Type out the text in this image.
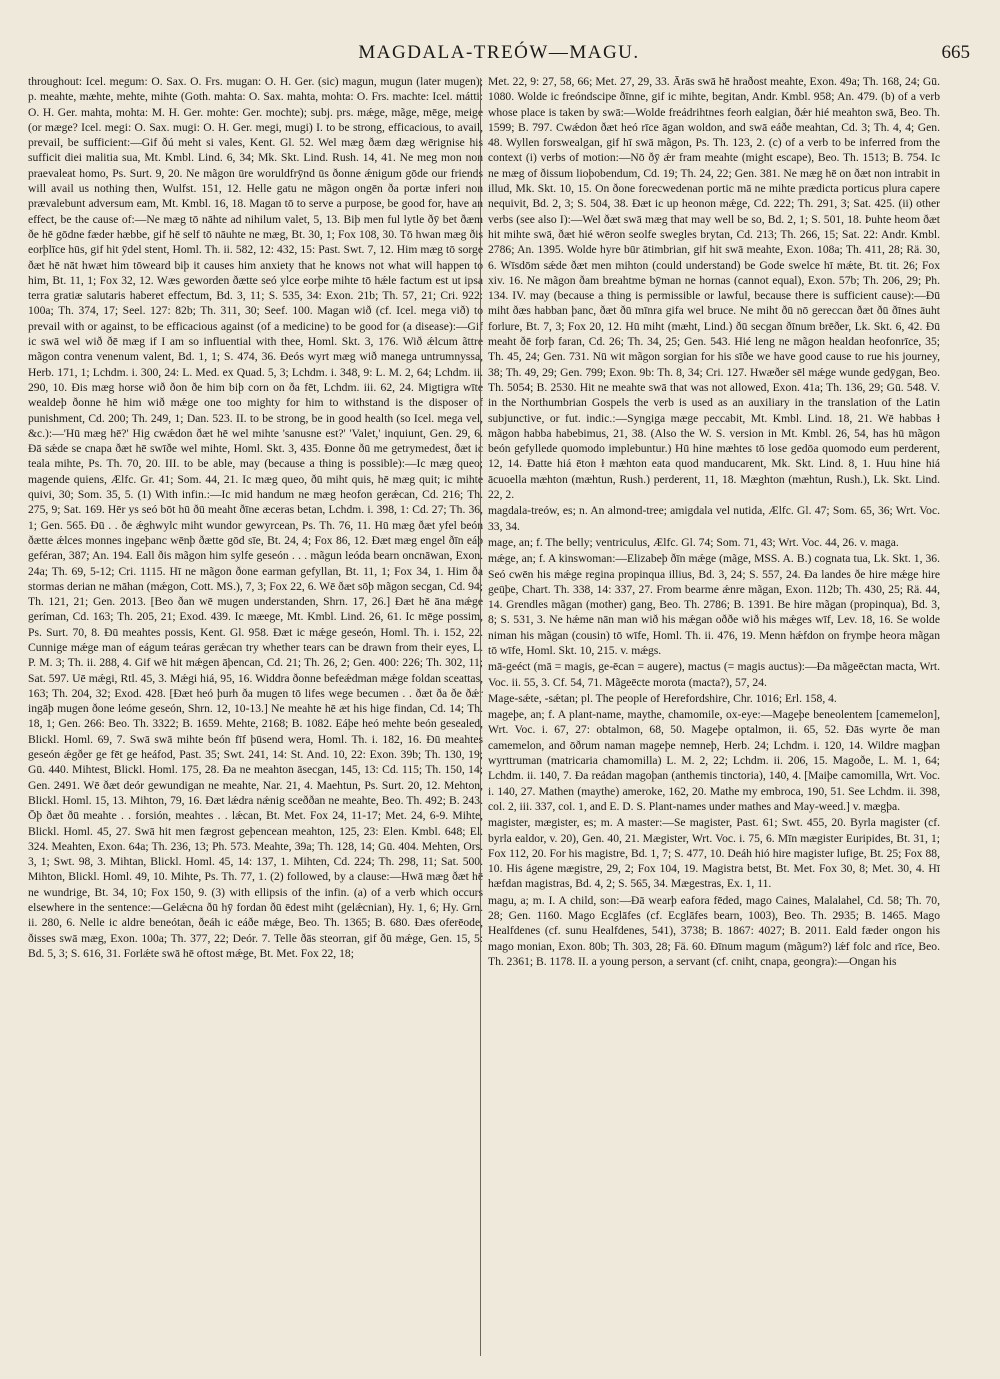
MAGDALA-TREÓW—MAGU.	665

throughout: Icel. megum: O. Sax. O. Frs. mugan: O. H. Ger. (sic) magun, mugun (later mugen); p. meahte, mæhte, mehte, mihte (Goth. mahta: O. Sax. mahta, mohta: O. Frs. machte: Icel. mátti: O. H. Ger. mahta, mohta: M. H. Ger. mohte: Ger. mochte); subj. prs. mǽge, mãge, mēge, meige (or mæge? Icel. megi: O. Sax. mugi: O. H. Ger. megi, mugi) I. to be strong, efficacious, to avail, prevail, be sufficient:—Gif ðú meht si vales, Kent. Gl. 52. Wel mæg ðæm dæg wērignise his sufficit diei malitia sua, Mt. Kmbl. Lind. 6, 34; Mk. Skt. Lind. Rush. 14, 41. Ne meg mon non praevaleat homo, Ps. Surt. 9, 20. Ne mãgon ūre woruldfrȳnd ūs ðonne ǽnigum gōde our friends will avail us nothing then, Wulfst. 151, 12. Helle gatu ne mãgon ongēn ða portæ inferi non prævalebunt adversum eam, Mt. Kmbl. 16, 18. Magan tō to serve a purpose, be good for, have an effect, be the cause of:—Ne mæg tō nāhte ad nihilum valet, 5, 13. Biþ men ful lytle ðȳ bet ðæm ðe hē gōdne fæder hæbbe, gif hē self tō nāuhte ne mæg, Bt. 30, 1; Fox 108, 30. Tō hwan mæg ðis eorþlīce hūs, gif hit ȳdel stent, Homl. Th. ii. 582, 12: 432, 15: Past. Swt. 7, 12. Him mæg tō sorge ðæt hē nāt hwæt him tōweard biþ it causes him anxiety that he knows not what will happen to him, Bt. 11, 1; Fox 32, 12. Wæs geworden ðætte seó ylce eorþe mihte tō hǽle factum est ut ipsa terra gratiæ salutaris haberet effectum, Bd. 3, 11; S. 535, 34: Exon. 21b; Th. 57, 21; Cri. 922: 100a; Th. 374, 17; Seel. 127: 82b; Th. 311, 30; Seef. 100. Magan wið (cf. Icel. mega við) to prevail with or against, to be efficacious against (of a medicine) to be good for (a disease):—Gif ic swā wel wið ðē mæg if I am so influential with thee, Homl. Skt. 3, 176. Wið ǽlcum ãttre mãgon contra venenum valent, Bd. 1, 1; S. 474, 36. Ðeós wyrt mæg wið manega untrumnyssa, Herb. 171, 1; Lchdm. i. 300, 24: L. Med. ex Quad. 5, 3; Lchdm. i. 348, 9: L. M. 2, 64; Lchdm. ii. 290, 10. Ðis mæg horse wið ðon ðe him biþ corn on ða fēt, Lchdm. iii. 62, 24. Migtigra wīte wealdeþ ðonne hē him wið mǽge one too mighty for him to withstand is the disposer of punishment, Cd. 200; Th. 249, 1; Dan. 523. II. to be strong, be in good health (so Icel. mega vel, &c.):—'Hū mæg hē?' Hig cwǽdon ðæt hē wel mihte 'sanusne est?' 'Valet,' inquiunt, Gen. 29, 6. Ðā sǽde se cnapa ðæt hē swīðe wel mihte, Homl. Skt. 3, 435. Ðonne ðū me getrymedest, ðæt ic teala mihte, Ps. Th. 70, 20. III. to be able, may (because a thing is possible):—Ic mæg queo; magende quiens, Ælfc. Gr. 41; Som. 44, 21. Ic mæg queo, ðū miht quis, hē mæg quit; ic mihte quivi, 30; Som. 35, 5. (1) With infin.:—Ic mid handum ne mæg heofon gerǽcan, Cd. 216; Th. 275, 9; Sat. 169. Hēr ys seó bōt hū ðū meaht ðīne æceras betan, Lchdm. i. 398, 1: Cd. 27; Th. 36, 1; Gen. 565. Ðū . . ðe ǽghwylc miht wundor gewyrcean, Ps. Th. 76, 11. Hū mæg ðæt yfel beón ðætte ǽlces monnes ingeþanc wēnþ ðætte gōd sīe, Bt. 24, 4; Fox 86, 12. Ðæt mæg engel ðīn eáþ geféran, 387; An. 194. Eall ðis mãgon him sylfe geseón . . . mãgun leóda bearn oncnāwan, Exon. 24a; Th. 69, 5-12; Cri. 1115. Hī ne mãgon ðone earman gefyllan, Bt. 11, 1; Fox 34, 1. Him ða stormas derian ne māhan (mǽgon, Cott. MS.), 7, 3; Fox 22, 6. Wē ðæt sōþ mãgon secgan, Cd. 94; Th. 121, 21; Gen. 2013. [Beo ðan wē mugen understanden, Shrn. 17, 26.] Ðæt hē āna mǽge geríman, Cd. 163; Th. 205, 21; Exod. 439. Ic mæege, Mt. Kmbl. Lind. 26, 61. Ic mēge possim, Ps. Surt. 70, 8. Ðū meahtes possis, Kent. Gl. 958. Ðæt ic mǽge geseón, Homl. Th. i. 152, 22. Cunnige mǽge man of eágum teáras gerǽcan try whether tears can be drawn from their eyes, L. P. M. 3; Th. ii. 288, 4. Gif wē hit mǽgen āþencan, Cd. 21; Th. 26, 2; Gen. 400: 226; Th. 302, 11; Sat. 597. Uē mǽgi, Rtl. 45, 3. Mǽgi hiá, 95, 16. Widdra ðonne befeǽdman mǽge foldan sceattas, 163; Th. 204, 32; Exod. 428. [Ðæt heó þurh ða mugen tō lifes wege becumen . . ðæt ða ðe ðǽr ingāþ mugen ðone leóme geseón, Shrn. 12, 10-13.] Ne meahte hē æt his hige findan, Cd. 14; Th. 18, 1; Gen. 266: Beo. Th. 3322; B. 1659. Mehte, 2168; B. 1082. Eáþe heó mehte beón gesealed, Blickl. Homl. 69, 7. Swā swā mihte beón fīf þūsend wera, Homl. Th. i. 182, 16. Ðū meahtes geseón ǽgðer ge fēt ge heáfod, Past. 35; Swt. 241, 14: St. And. 10, 22: Exon. 39b; Th. 130, 19; Gū. 440. Mihtest, Blickl. Homl. 175, 28. Ða ne meahton āsecgan, 145, 13: Cd. 115; Th. 150, 14; Gen. 2491. Wē ðæt deór gewundigan ne meahte, Nar. 21, 4. Maehtun, Ps. Surt. 20, 12. Mehton, Blickl. Homl. 15, 13. Mihton, 79, 16. Ðæt lǽdra nǽnig sceððan ne meahte, Beo. Th. 492; B. 243. Ōþ ðæt ðū meahte . . forsión, meahtes . . lǽcan, Bt. Met. Fox 24, 11-17; Met. 24, 6-9. Mihte, Blickl. Homl. 45, 27. Swā hit men fægrost geþencean meahton, 125, 23: Elen. Kmbl. 648; El. 324. Meahten, Exon. 64a; Th. 236, 13; Ph. 573. Meahte, 39a; Th. 128, 14; Gū. 404. Mehten, Ors. 3, 1; Swt. 98, 3. Mihtan, Blickl. Homl. 45, 14: 137, 1. Mihten, Cd. 224; Th. 298, 11; Sat. 500. Mihton, Blickl. Homl. 49, 10. Mihte, Ps. Th. 77, 1. (2) followed, by a clause:—Hwā mæg ðæt hē ne wundrige, Bt. 34, 10; Fox 150, 9. (3) with ellipsis of the infin. (a) of a verb which occurs elsewhere in the sentence:—Gelǽcna ðū hȳ fordan ðū ēdest miht (gelǽcnian), Hy. 1, 6; Hy. Grn. ii. 280, 6. Nelle ic aldre beneótan, ðeáh ic eáðe mǽge, Beo. Th. 1365; B. 680. Ðæs oferēode, ðisses swā mæg, Exon. 100a; Th. 377, 22; Deór. 7. Telle ðās steorran, gif ðū mǽge, Gen. 15, 5: Bd. 5, 3; S. 616, 31. Forlǽte swā hē oftost mǽge, Bt. Met. Fox 22, 18;

Met. 22, 9: 27, 58, 66; Met. 27, 29, 33. Ārās swā hē hraðost meahte, Exon. 49a; Th. 168, 24; Gū. 1080. Wolde ic freóndscipe ðīnne, gif ic mihte, begitan, Andr. Kmbl. 958; An. 479. (b) of a verb whose place is taken by swā:—Wolde freádrihtnes feorh ealgian, ðǽr hié meahton swā, Beo. Th. 1599; B. 797. Cwǽdon ðæt heó rīce āgan woldon, and swā eáðe meahtan, Cd. 3; Th. 4, 4; Gen. 48. Wyllen forswealgan, gif hī swā mãgon, Ps. Th. 123, 2. (c) of a verb to be inferred from the context (i) verbs of motion:—Nō ðȳ ǽr fram meahte (might escape), Beo. Th. 1513; B. 754. Ic ne mæg of ðissum lioþobendum, Cd. 19; Th. 24, 22; Gen. 381. Ne mæg hē on ðæt non intrabit in illud, Mk. Skt. 10, 15. On ðone forecwedenan portic mā ne mihte prædicta porticus plura capere nequivit, Bd. 2, 3; S. 504, 38. Ðæt ic up heonon mǽge, Cd. 222; Th. 291, 3; Sat. 425. (ii) other verbs (see also I):—Wel ðæt swā mæg that may well be so, Bd. 2, 1; S. 501, 18. Þuhte heom ðæt hit mihte swā, ðæt hié wēron seolfe swegles brytan, Cd. 213; Th. 266, 15; Sat. 22: Andr. Kmbl. 2786; An. 1395. Wolde hyre būr ātimbrian, gif hit swā meahte, Exon. 108a; Th. 411, 28; Rä. 30, 6. Wīsdōm sǽde ðæt men mihton (could understand) be Gode swelce hī mǽte, Bt. tit. 26; Fox xiv. 16. Ne mãgon ðam breahtme bȳman ne hornas (cannot equal), Exon. 57b; Th. 206, 29; Ph. 134. IV. may (because a thing is permissible or lawful, because there is sufficient cause):—Ðū miht ðæs habban þanc, ðæt ðū mīnra gifa wel bruce. Ne miht ðū nō gereccan ðæt ðū ðīnes āuht forlure, Bt. 7, 3; Fox 20, 12. Hū miht (mæht, Lind.) ðū secgan ðīnum brēðer, Lk. Skt. 6, 42. Ðū meaht ðē forþ faran, Cd. 26; Th. 34, 25; Gen. 543. Hié leng ne mãgon healdan heofonrīce, 35; Th. 45, 24; Gen. 731. Nū wit mãgon sorgian for his sīðe we have good cause to rue his journey, 38; Th. 49, 29; Gen. 799; Exon. 9b: Th. 8, 34; Cri. 127. Hwæðer sēl mǽge wunde gedȳgan, Beo. Th. 5054; B. 2530. Hit ne meahte swā that was not allowed, Exon. 41a; Th. 136, 29; Gū. 548. V. in the Northumbrian Gospels the verb is used as an auxiliary in the translation of the Latin subjunctive, or fut. indic.:—Syngiga mæge peccabit, Mt. Kmbl. Lind. 18, 21. Wē habbas ł mãgon habba habebimus, 21, 38. (Also the W. S. version in Mt. Kmbl. 26, 54, has hū mãgon beón gefyllede quomodo implebuntur.) Hū hine mæhtes tō lose gedōa quomodo eum perderent, 12, 14. Ðatte hiá ēton ł mæhton eata quod manducarent, Mk. Skt. Lind. 8, 1. Huu hine hiá ācuoella mæhton (mæhtun, Rush.) perderent, 11, 18. Mæghton (mæhtun, Rush.), Lk. Skt. Lind. 22, 2.

magdala-treów, es; n. An almond-tree; amigdala vel nutida, Ælfc. Gl. 47; Som. 65, 36; Wrt. Voc. 33, 34.

mage, an; f. The belly; ventriculus, Ælfc. Gl. 74; Som. 71, 43; Wrt. Voc. 44, 26. v. maga.

mǽge, an; f. A kinswoman:—Elizabeþ ðīn mǽge (mãge, MSS. A. B.) cognata tua, Lk. Skt. 1, 36. Seó cwēn his mǽge regina propinqua illius, Bd. 3, 24; S. 557, 24. Ða landes ðe hire mǽge hire geūþe, Chart. Th. 338, 14: 337, 27. From bearme ǽnre mãgan, Exon. 112b; Th. 430, 25; Rä. 44, 14. Grendles mãgan (mother) gang, Beo. Th. 2786; B. 1391. Be hire mãgan (propinqua), Bd. 3, 8; S. 531, 3. Ne hǽme nān man wið his mǽgan oððe wið his mǽges wīf, Lev. 18, 16. Se wolde niman his mãgan (cousin) tō wīfe, Homl. Th. ii. 476, 19. Menn hǽfdon on frymþe heora mãgan tō wīfe, Homl. Skt. 10, 215. v. mǽgs.

mā-geéct (mā = magis, ge-ēcan = augere), mactus (= magis auctus):—Ða mãgeēctan macta, Wrt. Voc. ii. 55, 3. Cf. 54, 71. Mãgeēcte morota (macta?), 57, 24.

Mage-sǽte, -sǽtan; pl. The people of Herefordshire, Chr. 1016; Erl. 158, 4.

mageþe, an; f. A plant-name, maythe, chamomile, ox-eye:—Mageþe beneolentem [camemelon], Wrt. Voc. i. 67, 27: obtalmon, 68, 50. Mageþe optalmon, ii. 65, 52. Ðās wyrte ðe man camemelon, and ōðrum naman mageþe nemneþ, Herb. 24; Lchdm. i. 120, 14. Wildre magþan wyrttruman (matricaria chamomilla) L. M. 2, 22; Lchdm. ii. 206, 15. Magoðe, L. M. 1, 64; Lchdm. ii. 140, 7. Ða reádan magoþan (anthemis tinctoria), 140, 4. [Maiþe camomilla, Wrt. Voc. i. 140, 27. Mathen (maythe) ameroke, 162, 20. Mathe my embroca, 190, 51. See Lchdm. ii. 398, col. 2, iii. 337, col. 1, and E. D. S. Plant-names under mathes and May-weed.] v. mægþa.

magister, mægister, es; m. A master:—Se magister, Past. 61; Swt. 455, 20. Byrla magister (cf. byrla ealdor, v. 20), Gen. 40, 21. Mægister, Wrt. Voc. i. 75, 6. Mīn mægister Euripides, Bt. 31, 1; Fox 112, 20. For his magistre, Bd. 1, 7; S. 477, 10. Deáh hió hire magister lufige, Bt. 25; Fox 88, 10. His ágene mægistre, 29, 2; Fox 104, 19. Magistra betst, Bt. Met. Fox 30, 8; Met. 30, 4. Hī hæfdan magistras, Bd. 4, 2; S. 565, 34. Mægestras, Ex. 1, 11.

magu, a; m. I. A child, son:—Ðā wearþ eafora fēded, mago Caines, Malalahel, Cd. 58; Th. 70, 28; Gen. 1160. Mago Ecglāfes (cf. Ecglāfes bearn, 1003), Beo. Th. 2935; B. 1465. Mago Healfdenes (cf. sunu Healfdenes, 541), 3738; B. 1867: 4027; B. 2011. Eald fæder ongon his mago monian, Exon. 80b; Th. 303, 28; Fä. 60. Ðīnum magum (mãgum?) lǽf folc and rīce, Beo. Th. 2361; B. 1178. II. a young person, a servant (cf. cniht, cnapa, geongra):—Ongan his
